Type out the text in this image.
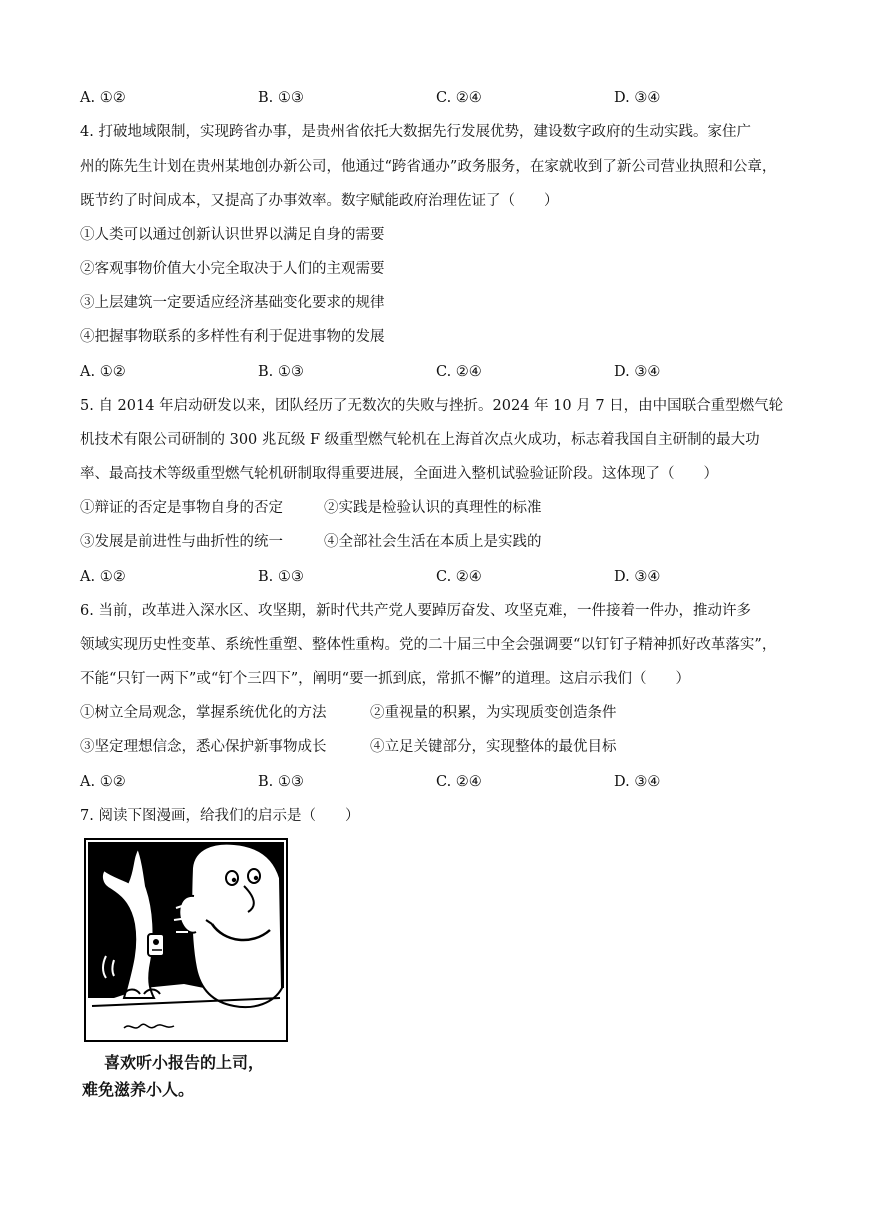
A. ①②	B. ①③	C. ②④	D. ③④
4. 打破地域限制，实现跨省办事，是贵州省依托大数据先行发展优势，建设数字政府的生动实践。家住广
州的陈先生计划在贵州某地创办新公司，他通过“跨省通办”政务服务，在家就收到了新公司营业执照和公章，
既节约了时间成本，又提高了办事效率。数字赋能政府治理佐证了（　　）
①人类可以通过创新认识世界以满足自身的需要
②客观事物价值大小完全取决于人们的主观需要
③上层建筑一定要适应经济基础变化要求的规律
④把握事物联系的多样性有利于促进事物的发展
A. ①②	B. ①③	C. ②④	D. ③④
5. 自 2014 年启动研发以来，团队经历了无数次的失败与挫折。2024 年 10 月 7 日，由中国联合重型燃气轮
机技术有限公司研制的 300 兆瓦级 F 级重型燃气轮机在上海首次点火成功，标志着我国自主研制的最大功
率、最高技术等级重型燃气轮机研制取得重要进展，全面进入整机试验验证阶段。这体现了（　　）
①辩证的否定是事物自身的否定	②实践是检验认识的真理性的标准
③发展是前进性与曲折性的统一	④全部社会生活在本质上是实践的
A. ①②	B. ①③	C. ②④	D. ③④
6. 当前，改革进入深水区、攻坚期，新时代共产党人要踔厉奋发、攻坚克难，一件接着一件办，推动许多
领域实现历史性变革、系统性重塑、整体性重构。党的二十届三中全会强调要“以钉钉子精神抓好改革落实”，
不能“只钉一两下”或“钉个三四下”，阐明“要一抓到底，常抓不懈”的道理。这启示我们（　　）
①树立全局观念，掌握系统优化的方法	②重视量的积累，为实现质变创造条件
③坚定理想信念，悉心保护新事物成长	④立足关键部分，实现整体的最优目标
A. ①②	B. ①③	C. ②④	D. ③④
7. 阅读下图漫画，给我们的启示是（　　）
喜欢听小报告的上司，
难免滋养小人。
